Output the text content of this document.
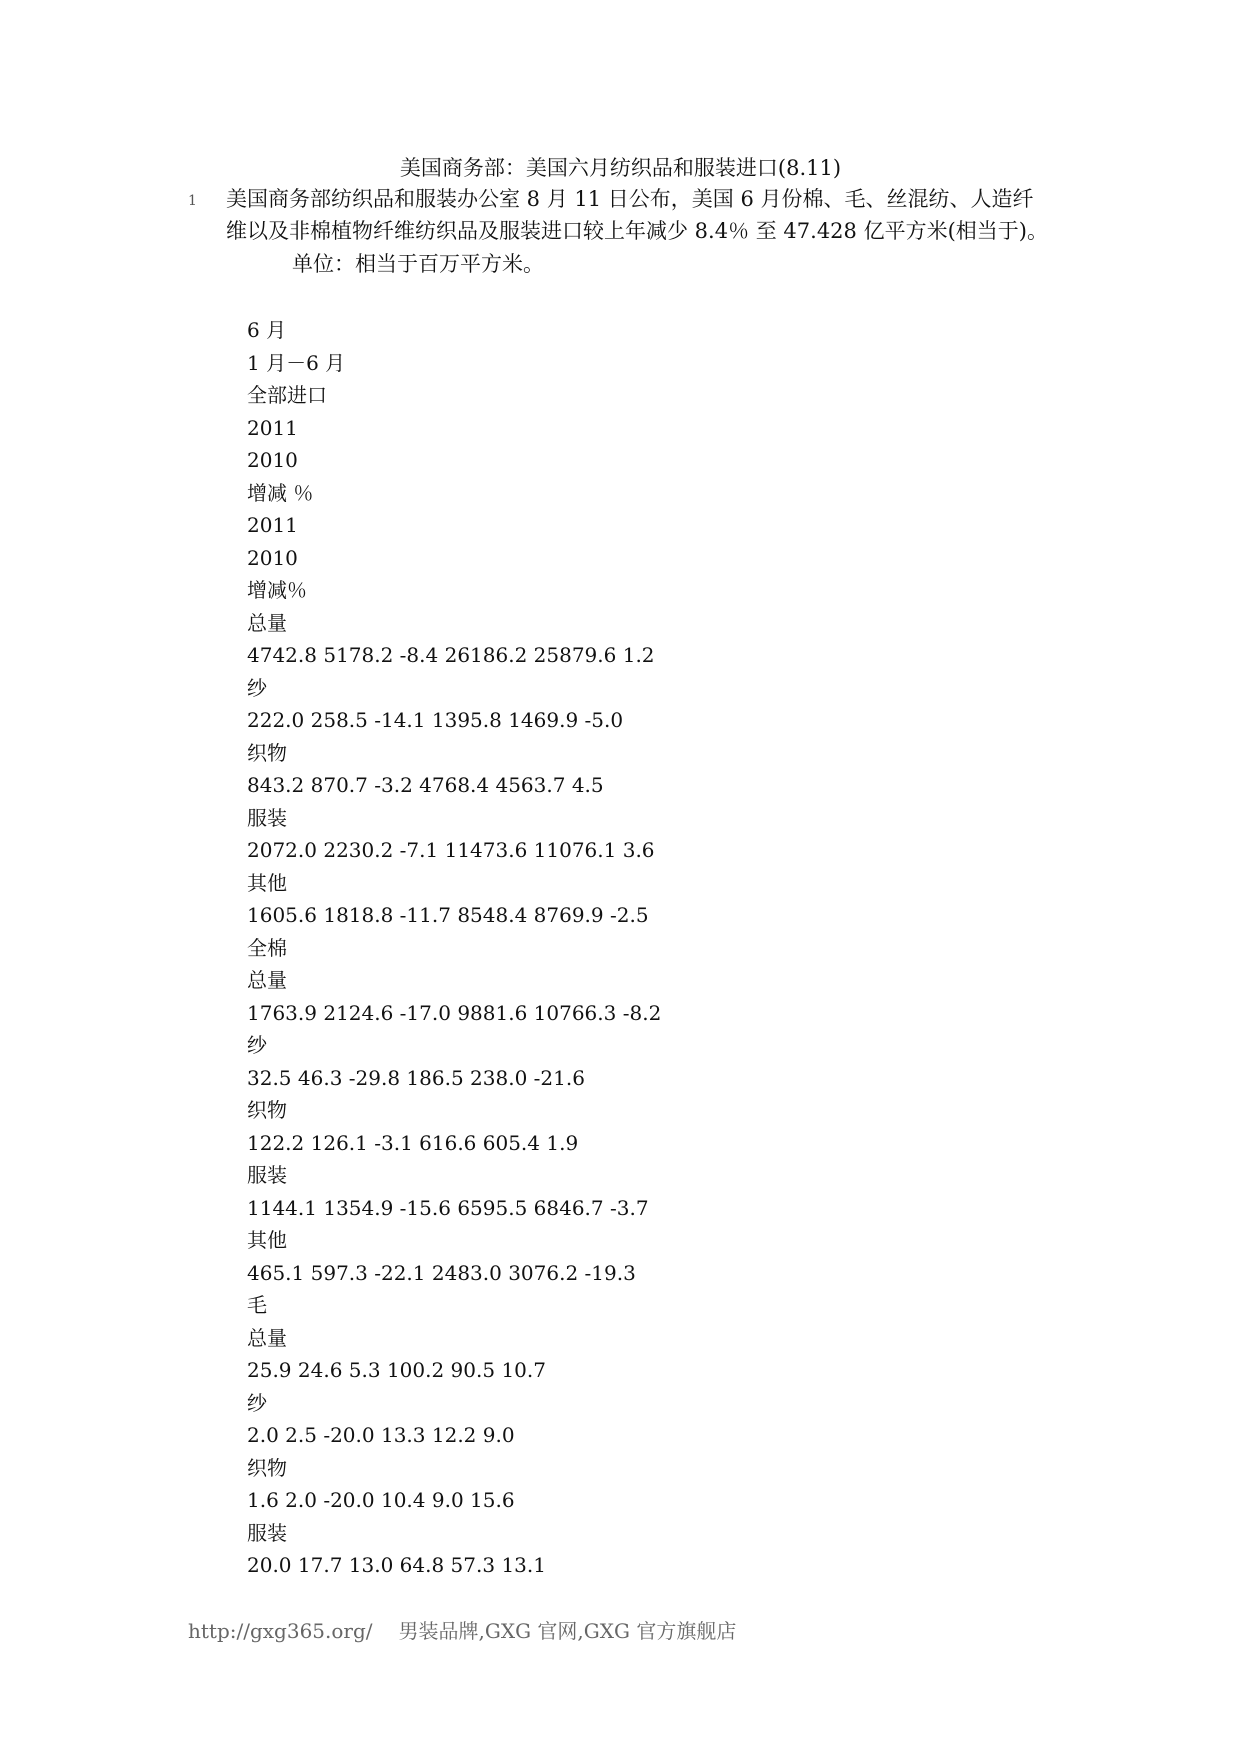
美国商务部：美国六月纺织品和服装进口(8.11)
1 美国商务部纺织品和服装办公室 8 月 11 日公布，美国 6 月份棉、毛、丝混纺、人造纤
维以及非棉植物纤维纺织品及服装进口较上年减少 8.4％ 至 47.428 亿平方米(相当于)。
单位：相当于百万平方米。
6 月
1 月－6 月
全部进口
2011
2010
增减 ％
2011
2010
增减％
总量
4742.8 5178.2 -8.4 26186.2 25879.6 1.2
纱
222.0 258.5 -14.1 1395.8 1469.9 -5.0
织物
843.2 870.7 -3.2 4768.4 4563.7 4.5
服装
2072.0 2230.2 -7.1 11473.6 11076.1 3.6
其他
1605.6 1818.8 -11.7 8548.4 8769.9 -2.5
全棉
总量
1763.9 2124.6 -17.0 9881.6 10766.3 -8.2
纱
32.5 46.3 -29.8 186.5 238.0 -21.6
织物
122.2 126.1 -3.1 616.6 605.4 1.9
服装
1144.1 1354.9 -15.6 6595.5 6846.7 -3.7
其他
465.1 597.3 -22.1 2483.0 3076.2 -19.3
毛
总量
25.9 24.6 5.3 100.2 90.5 10.7
纱
2.0 2.5 -20.0 13.3 12.2 9.0
织物
1.6 2.0 -20.0 10.4 9.0 15.6
服装
20.0 17.7 13.0 64.8 57.3 13.1
http://gxg365.org/ 男装品牌,GXG 官网,GXG 官方旗舰店
